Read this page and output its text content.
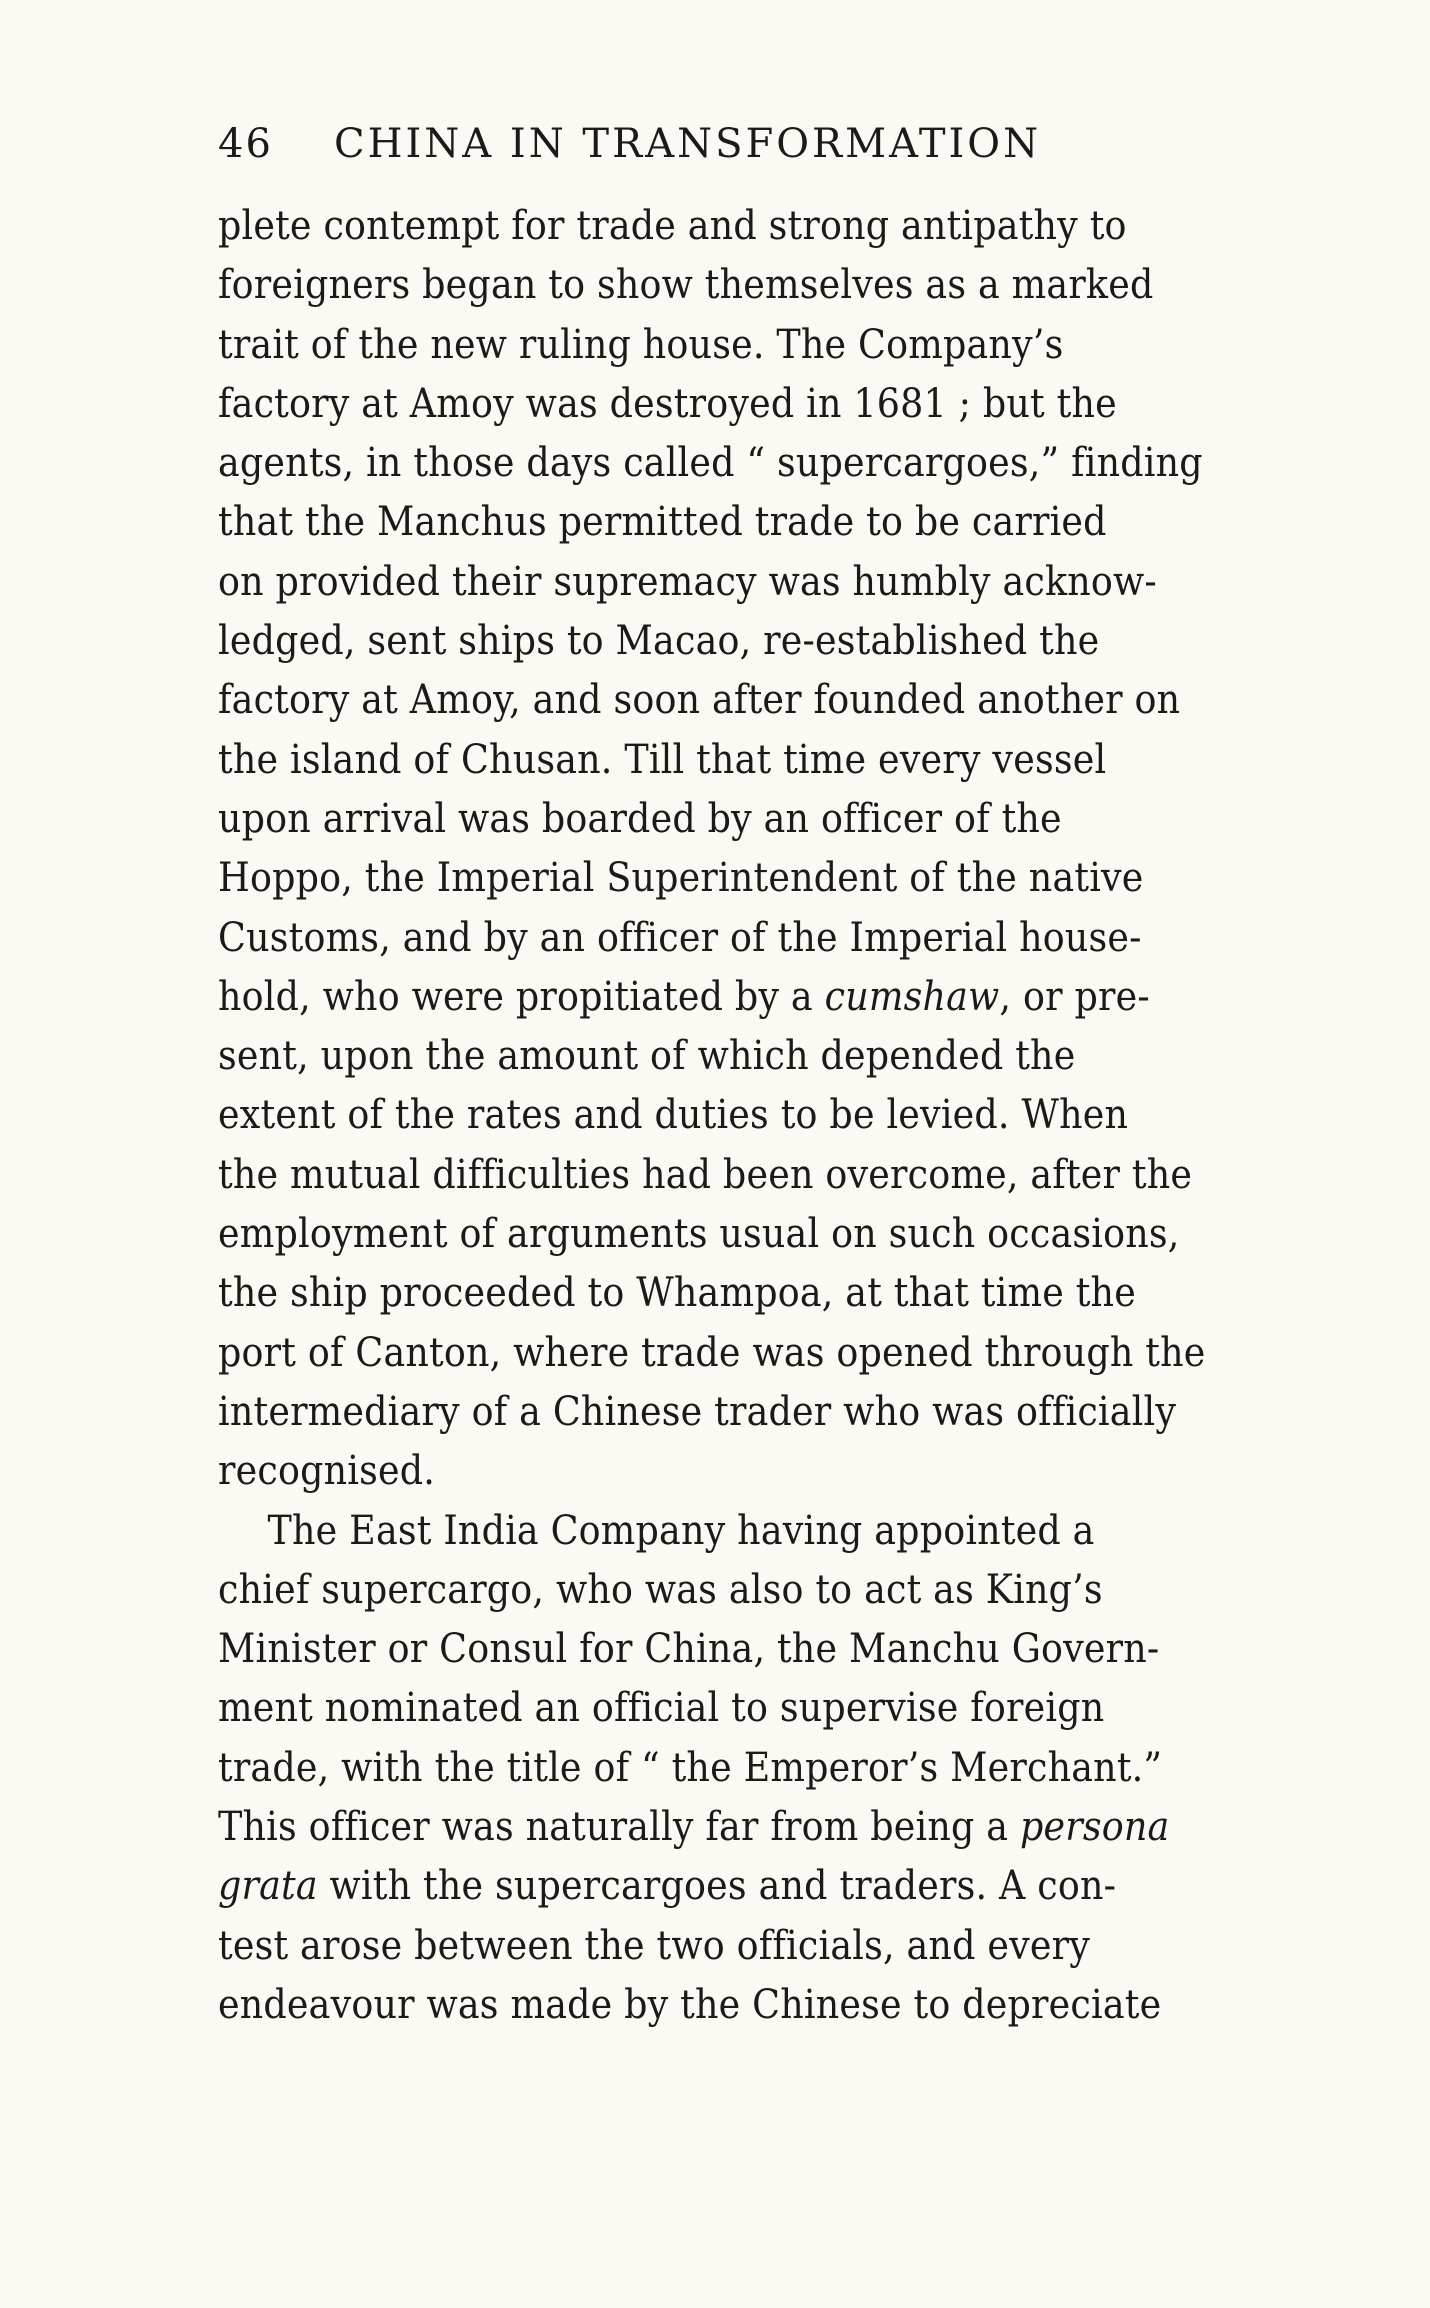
46 CHINA IN TRANSFORMATION
plete contempt for trade and strong antipathy to
foreigners began to show themselves as a marked
trait of the new ruling house. The Company’s
factory at Amoy was destroyed in 1681 ; but the
agents, in those days called “ supercargoes,” finding
that the Manchus permitted trade to be carried
on provided their supremacy was humbly acknow-
ledged, sent ships to Macao, re-established the
factory at Amoy, and soon after founded another on
the island of Chusan. Till that time every vessel
upon arrival was boarded by an officer of the
Hoppo, the Imperial Superintendent of the native
Customs, and by an officer of the Imperial house-
hold, who were propitiated by a cumshaw, or pre-
sent, upon the amount of which depended the
extent of the rates and duties to be levied. When
the mutual difficulties had been overcome, after the
employment of arguments usual on such occasions,
the ship proceeded to Whampoa, at that time the
port of Canton, where trade was opened through the
intermediary of a Chinese trader who was officially
recognised.
The East India Company having appointed a
chief supercargo, who was also to act as King’s
Minister or Consul for China, the Manchu Govern-
ment nominated an official to supervise foreign
trade, with the title of “ the Emperor’s Merchant.”
This officer was naturally far from being a persona
grata with the supercargoes and traders. A con-
test arose between the two officials, and every
endeavour was made by the Chinese to depreciate
